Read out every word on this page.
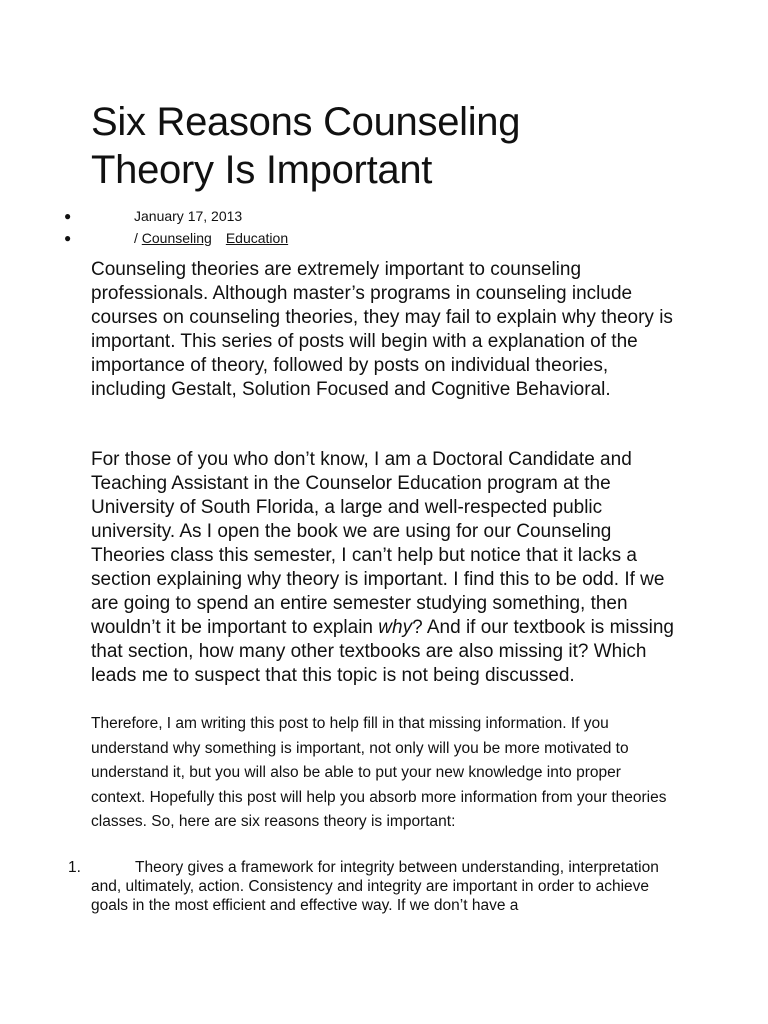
Six Reasons Counseling Theory Is Important
●	January 17, 2013
●	/ Counseling Education

Counseling theories are extremely important to counseling professionals. Although master’s programs in counseling include courses on counseling theories, they may fail to explain why theory is important. This series of posts will begin with a explanation of the importance of theory, followed by posts on individual theories, including Gestalt, Solution Focused and Cognitive Behavioral.

For those of you who don’t know, I am a Doctoral Candidate and Teaching Assistant in the Counselor Education program at the University of South Florida, a large and well-respected public university. As I open the book we are using for our Counseling Theories class this semester, I can’t help but notice that it lacks a section explaining why theory is important. I find this to be odd. If we are going to spend an entire semester studying something, then wouldn’t it be important to explain why? And if our textbook is missing that section, how many other textbooks are also missing it? Which leads me to suspect that this topic is not being discussed.

Therefore, I am writing this post to help fill in that missing information. If you understand why something is important, not only will you be more motivated to understand it, but you will also be able to put your new knowledge into proper context. Hopefully this post will help you absorb more information from your theories classes. So, here are six reasons theory is important:

1.	Theory gives a framework for integrity between understanding, interpretation and, ultimately, action. Consistency and integrity are important in order to achieve goals in the most efficient and effective way. If we don’t have a
